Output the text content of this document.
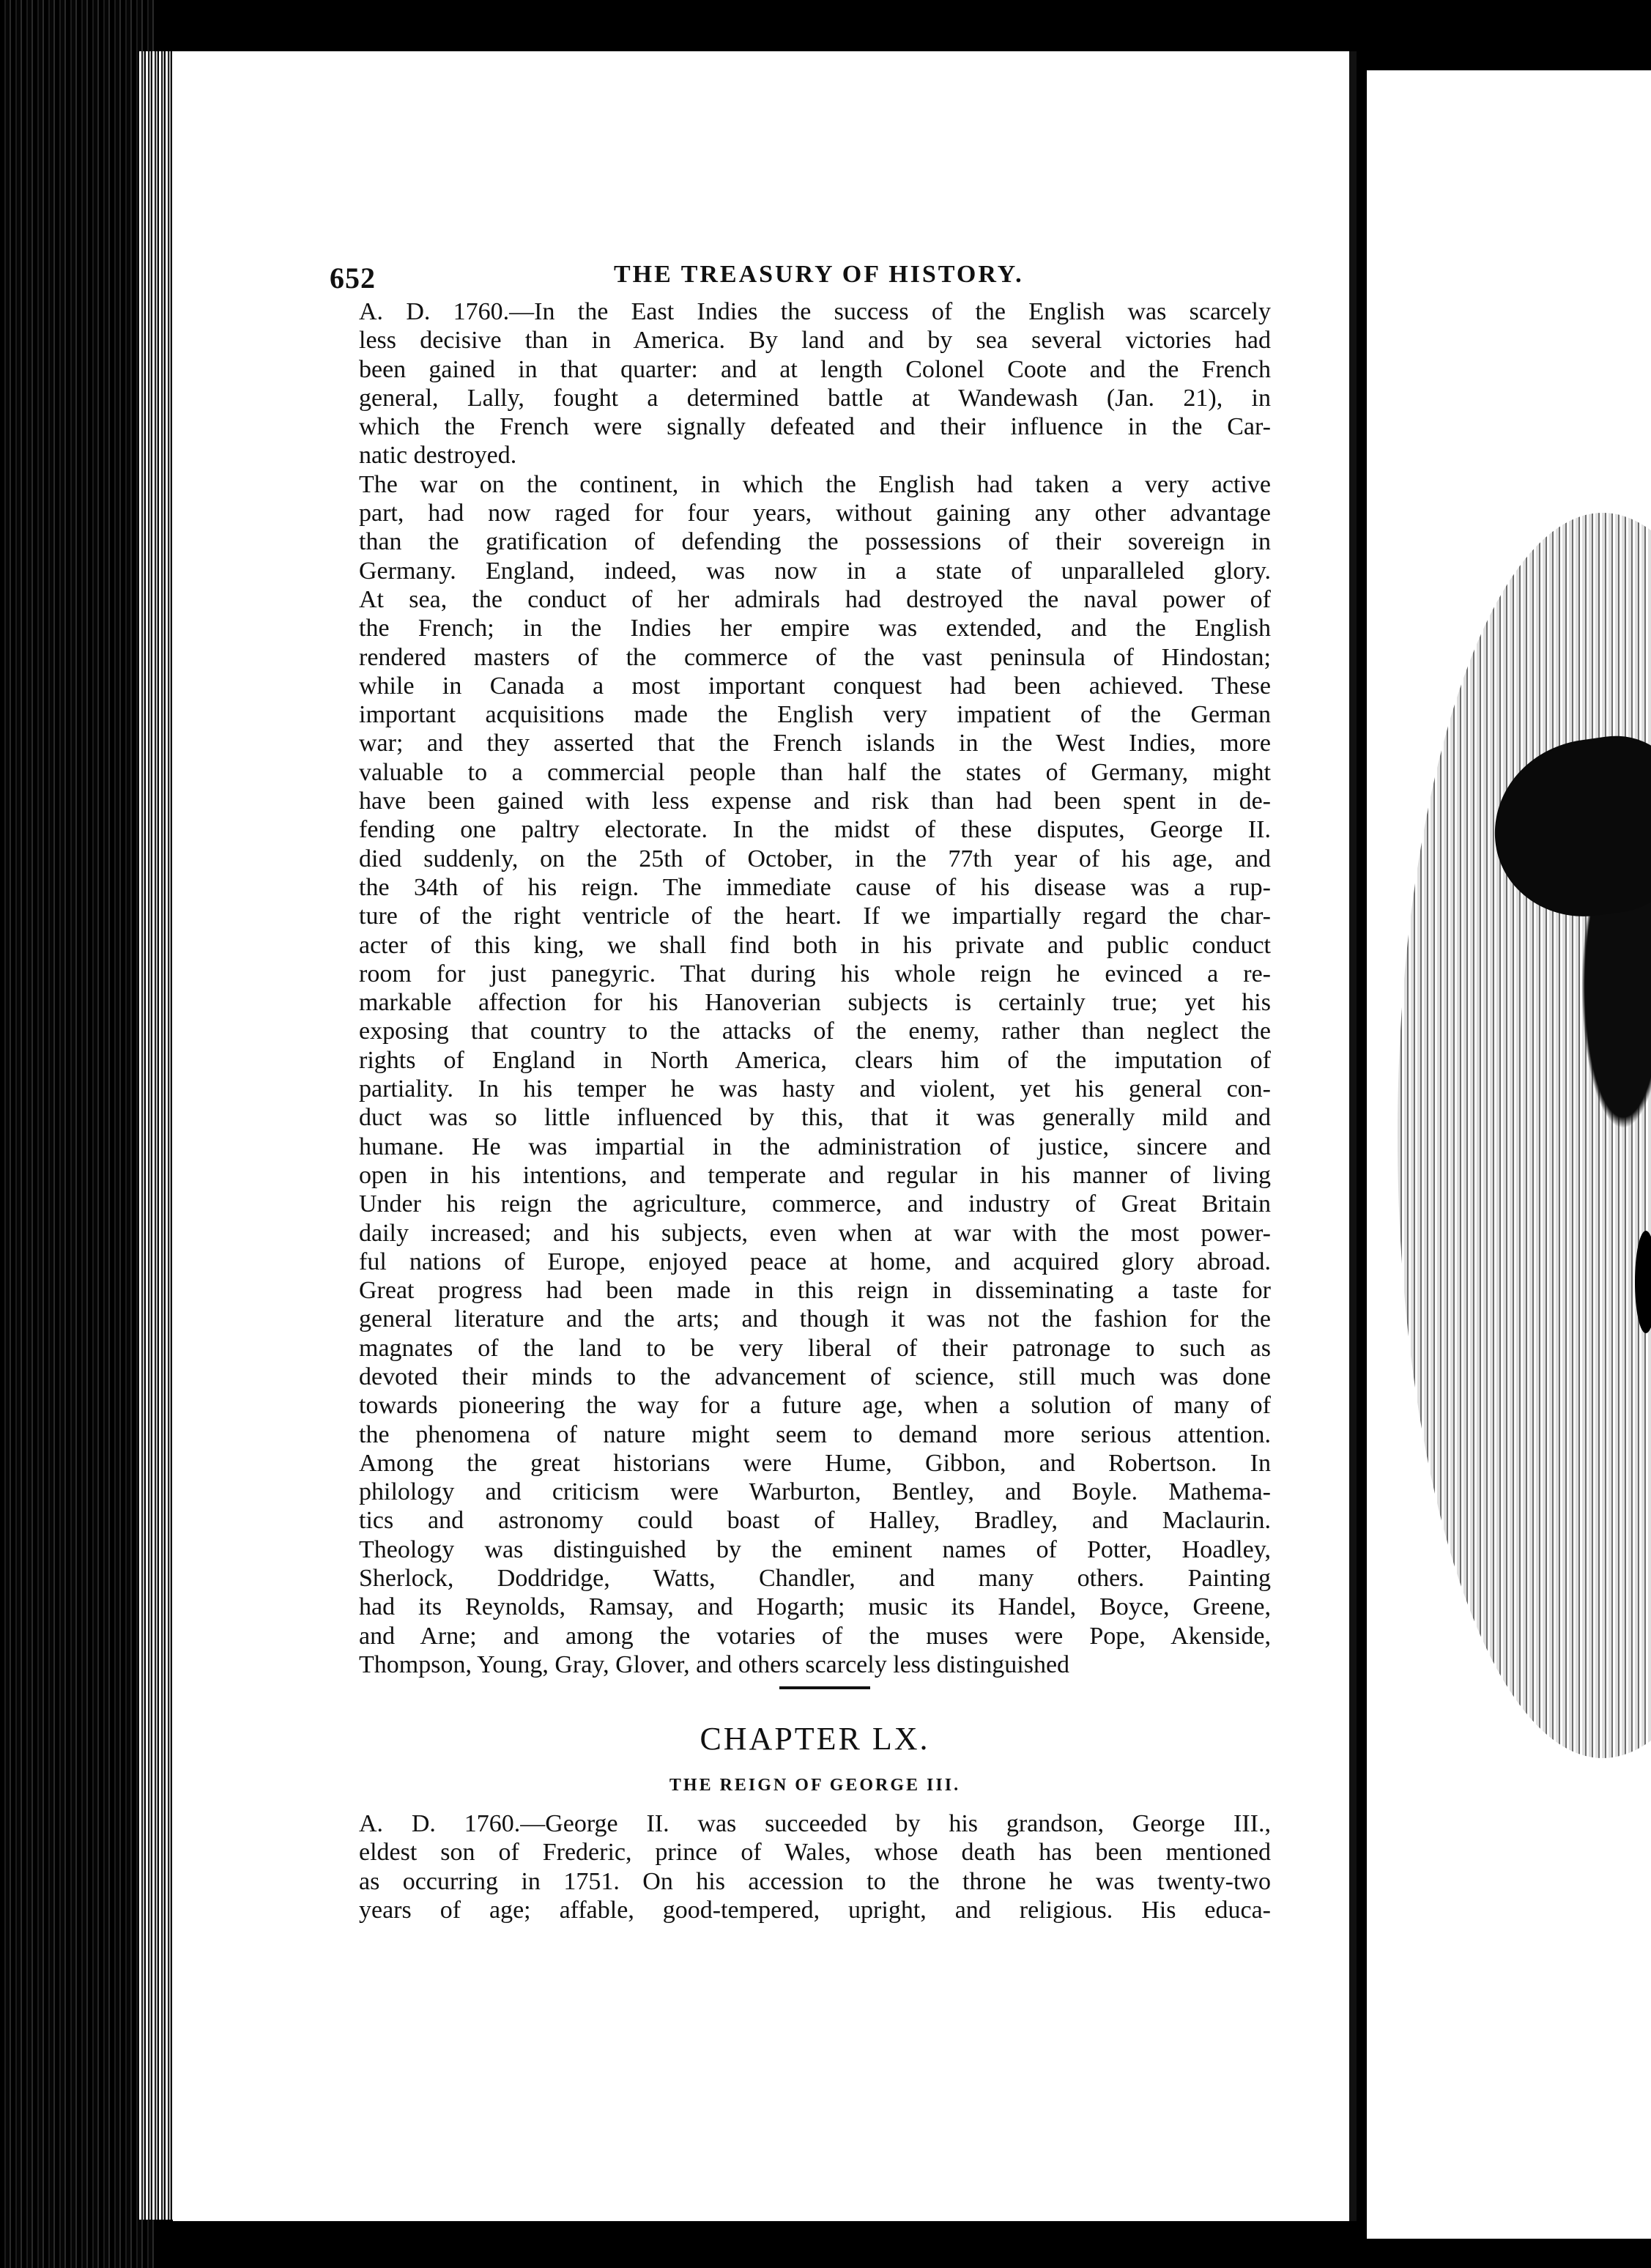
652	THE TREASURY OF HISTORY.
A. D. 1760.—In the East Indies the success of the English was scarcely
less decisive than in America. By land and by sea several victories had
been gained in that quarter: and at length Colonel Coote and the French
general, Lally, fought a determined battle at Wandewash (Jan. 21), in
which the French were signally defeated and their influence in the Car-
natic destroyed.
The war on the continent, in which the English had taken a very active
part, had now raged for four years, without gaining any other advantage
than the gratification of defending the possessions of their sovereign in
Germany. England, indeed, was now in a state of unparalleled glory.
At sea, the conduct of her admirals had destroyed the naval power of
the French; in the Indies her empire was extended, and the English
rendered masters of the commerce of the vast peninsula of Hindostan;
while in Canada a most important conquest had been achieved. These
important acquisitions made the English very impatient of the German
war; and they asserted that the French islands in the West Indies, more
valuable to a commercial people than half the states of Germany, might
have been gained with less expense and risk than had been spent in de-
fending one paltry electorate. In the midst of these disputes, George II.
died suddenly, on the 25th of October, in the 77th year of his age, and
the 34th of his reign. The immediate cause of his disease was a rup-
ture of the right ventricle of the heart. If we impartially regard the char-
acter of this king, we shall find both in his private and public conduct
room for just panegyric. That during his whole reign he evinced a re-
markable affection for his Hanoverian subjects is certainly true; yet his
exposing that country to the attacks of the enemy, rather than neglect the
rights of England in North America, clears him of the imputation of
partiality. In his temper he was hasty and violent, yet his general con-
duct was so little influenced by this, that it was generally mild and
humane. He was impartial in the administration of justice, sincere and
open in his intentions, and temperate and regular in his manner of living
Under his reign the agriculture, commerce, and industry of Great Britain
daily increased; and his subjects, even when at war with the most power-
ful nations of Europe, enjoyed peace at home, and acquired glory abroad.
Great progress had been made in this reign in disseminating a taste for
general literature and the arts; and though it was not the fashion for the
magnates of the land to be very liberal of their patronage to such as
devoted their minds to the advancement of science, still much was done
towards pioneering the way for a future age, when a solution of many of
the phenomena of nature might seem to demand more serious attention.
Among the great historians were Hume, Gibbon, and Robertson. In
philology and criticism were Warburton, Bentley, and Boyle. Mathema-
tics and astronomy could boast of Halley, Bradley, and Maclaurin.
Theology was distinguished by the eminent names of Potter, Hoadley,
Sherlock, Doddridge, Watts, Chandler, and many others. Painting
had its Reynolds, Ramsay, and Hogarth; music its Handel, Boyce, Greene,
and Arne; and among the votaries of the muses were Pope, Akenside,
Thompson, Young, Gray, Glover, and others scarcely less distinguished
CHAPTER LX.
THE REIGN OF GEORGE III.
A. D. 1760.—George II. was succeeded by his grandson, George III.,
eldest son of Frederic, prince of Wales, whose death has been mentioned
as occurring in 1751. On his accession to the throne he was twenty-two
years of age; affable, good-tempered, upright, and religious. His educa-
